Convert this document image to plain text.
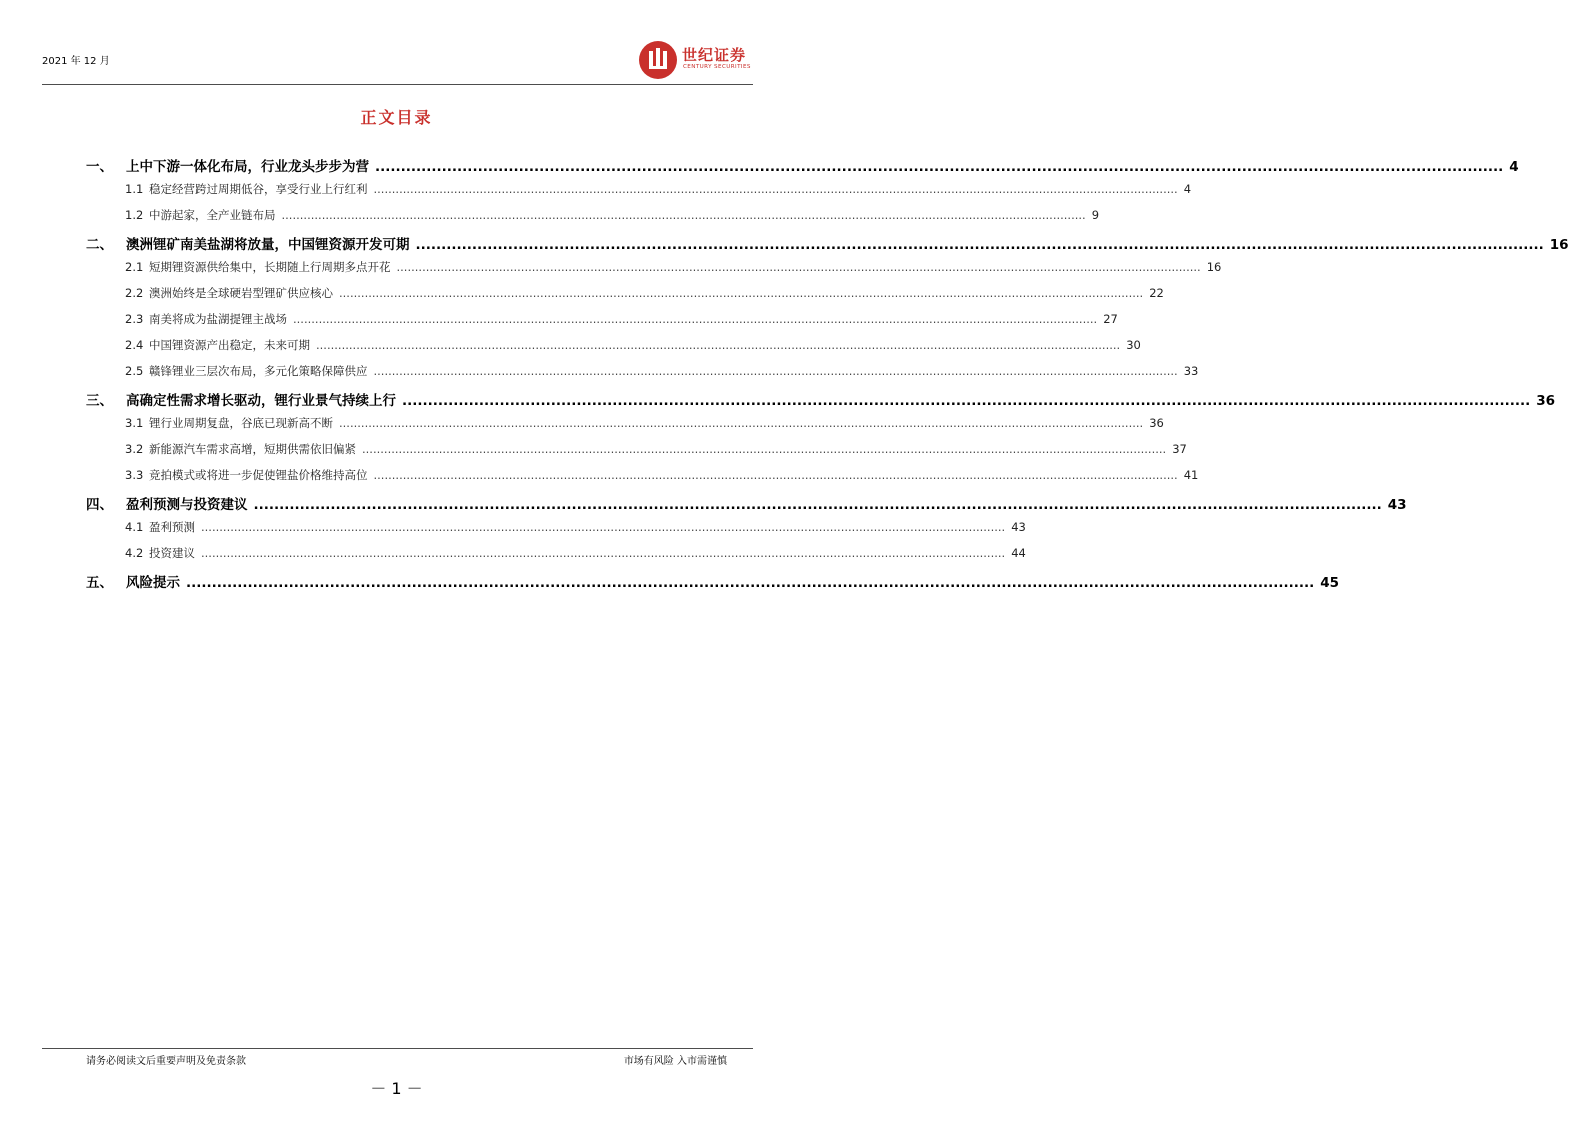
2021 年 12 月	世纪证券
CENTURY SECURITIES
正文目录
一、 上中下游一体化布局，行业龙头步步为营 ............................................................................................................................................................................................................................ 4
1.1 稳定经营跨过周期低谷，享受行业上行红利 ............................................................................................................................................................................................................................ 4
1.2 中游起家，全产业链布局 ............................................................................................................................................................................................................................ 9
二、 澳洲锂矿南美盐湖将放量，中国锂资源开发可期 ............................................................................................................................................................................................................................ 16
2.1 短期锂资源供给集中，长期随上行周期多点开花 ............................................................................................................................................................................................................................ 16
2.2 澳洲始终是全球硬岩型锂矿供应核心 ............................................................................................................................................................................................................................ 22
2.3 南美将成为盐湖提锂主战场 ............................................................................................................................................................................................................................ 27
2.4 中国锂资源产出稳定，未来可期 ............................................................................................................................................................................................................................ 30
2.5 赣锋锂业三层次布局，多元化策略保障供应 ............................................................................................................................................................................................................................ 33
三、 高确定性需求增长驱动，锂行业景气持续上行 ............................................................................................................................................................................................................................ 36
3.1 锂行业周期复盘，谷底已现新高不断 ............................................................................................................................................................................................................................ 36
3.2 新能源汽车需求高增，短期供需依旧偏紧 ............................................................................................................................................................................................................................ 37
3.3 竞拍模式或将进一步促使锂盐价格维持高位 ............................................................................................................................................................................................................................ 41
四、 盈利预测与投资建议 ............................................................................................................................................................................................................................ 43
4.1 盈利预测 ............................................................................................................................................................................................................................ 43
4.2 投资建议 ............................................................................................................................................................................................................................ 44
五、 风险提示 ............................................................................................................................................................................................................................ 45
请务必阅读文后重要声明及免责条款	市场有风险 入市需谨慎
－ 1 －
